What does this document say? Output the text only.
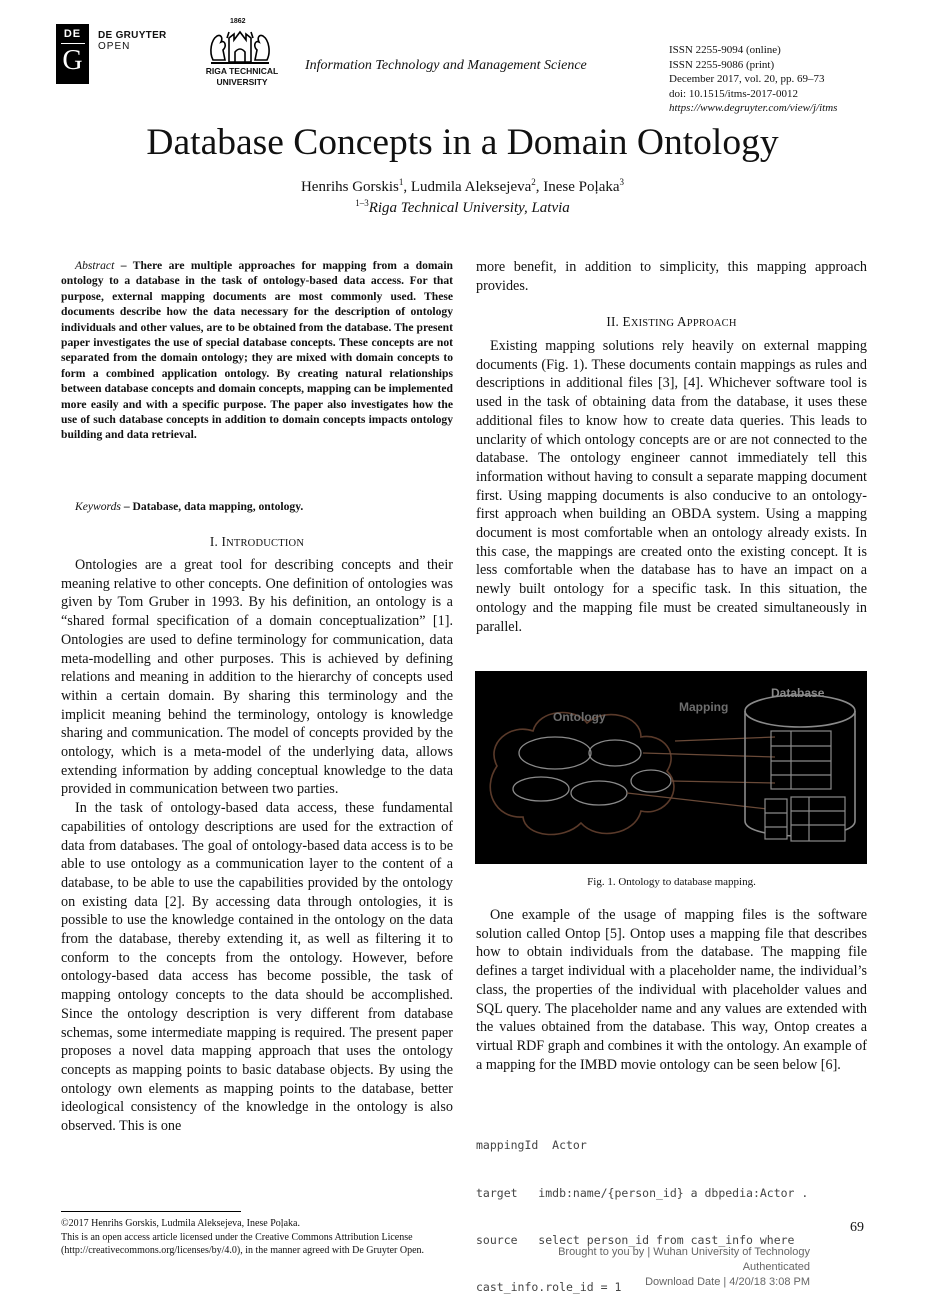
DE
G
DE GRUYTER
OPEN
1862
RIGA TECHNICAL
UNIVERSITY
Information Technology and Management Science
ISSN 2255-9094 (online)
ISSN 2255-9086 (print)
December 2017, vol. 20, pp. 69–73
doi: 10.1515/itms-2017-0012
https://www.degruyter.com/view/j/itms
Database Concepts in a Domain Ontology
Henrihs Gorskis$^1$, Ludmila Aleksejeva$^2$, Inese Poļaka$^3$
$^{1-3}$Riga Technical University, Latvia

Abstract – There are multiple approaches for mapping from a domain ontology to a database in the task of ontology-based data access. For that purpose, external mapping documents are most commonly used. These documents describe how the data necessary for the description of ontology individuals and other values, are to be obtained from the database. The present paper investigates the use of special database concepts. These concepts are not separated from the domain ontology; they are mixed with domain concepts to form a combined application ontology. By creating natural relationships between database concepts and domain concepts, mapping can be implemented more easily and with a specific purpose. The paper also investigates how the use of such database concepts in addition to domain concepts impacts ontology building and data retrieval.

Keywords – Database, data mapping, ontology.

I. INTRODUCTION

Ontologies are a great tool for describing concepts and their meaning relative to other concepts. One definition of ontologies was given by Tom Gruber in 1993. By his definition, an ontology is a “shared formal specification of a domain conceptualization” [1]. Ontologies are used to define terminology for communication, data meta-modelling and other purposes. This is achieved by defining relations and meaning in addition to the hierarchy of concepts used within a certain domain. By sharing this terminology and the implicit meaning behind the terminology, ontology is knowledge sharing and communication. The model of concepts provided by the ontology, which is a meta-model of the underlying data, allows extending information by adding conceptual knowledge to the data provided in communication between two parties.

In the task of ontology-based data access, these fundamental capabilities of ontology descriptions are used for the extraction of data from databases. The goal of ontology-based data access is to be able to use ontology as a communication layer to the content of a database, to be able to use the capabilities provided by the ontology on existing data [2]. By accessing data through ontologies, it is possible to use the knowledge contained in the ontology on the data from the database, thereby extending it, as well as filtering it to conform to the concepts from the ontology. However, before ontology-based data access has become possible, the task of mapping ontology concepts to the data should be accomplished. Since the ontology description is very different from database schemas, some intermediate mapping is required. The present paper proposes a novel data mapping approach that uses the ontology concepts as mapping points to basic database objects. By using the ontology own elements as mapping points to the database, better ideological consistency of the knowledge in the ontology is also observed. This is one

more benefit, in addition to simplicity, this mapping approach provides.

II. EXISTING APPROACH

Existing mapping solutions rely heavily on external mapping documents (Fig. 1). These documents contain mappings as rules and descriptions in additional files [3], [4]. Whichever software tool is used in the task of obtaining data from the database, it uses these additional files to know how to create data queries. This leads to unclarity of which ontology concepts are or are not connected to the database. The ontology engineer cannot immediately tell this information without having to consult a separate mapping document first. Using mapping documents is also conducive to an ontology-first approach when building an OBDA system. Using a mapping document is most comfortable when an ontology already exists. In this case, the mappings are created onto the existing concept. It is less comfortable when the database has to have an impact on a newly built ontology for a specific task. In this situation, the ontology and the mapping file must be created simultaneously in parallel.

Ontology
Mapping
Database
Fig. 1. Ontology to database mapping.

One example of the usage of mapping files is the software solution called Ontop [5]. Ontop uses a mapping file that describes how to obtain individuals from the database. The mapping file defines a target individual with a placeholder name, the individual’s class, the properties of the individual with placeholder values and SQL query. The placeholder name and any values are extended with the values obtained from the database. This way, Ontop creates a virtual RDF graph and combines it with the ontology. An example of a mapping for the IMBD movie ontology can be seen below [6].

mappingId  Actor

target   imdb:name/{person_id} a dbpedia:Actor .

source   select person_id from cast_info where

cast_info.role_id = 1

©2017 Henrihs Gorskis, Ludmila Aleksejeva, Inese Poļaka.
This is an open access article licensed under the Creative Commons Attribution License
(http://creativecommons.org/licenses/by/4.0), in the manner agreed with De Gruyter Open.
69
Brought to you by | Wuhan University of Technology
Authenticated
Download Date | 4/20/18 3:08 PM
